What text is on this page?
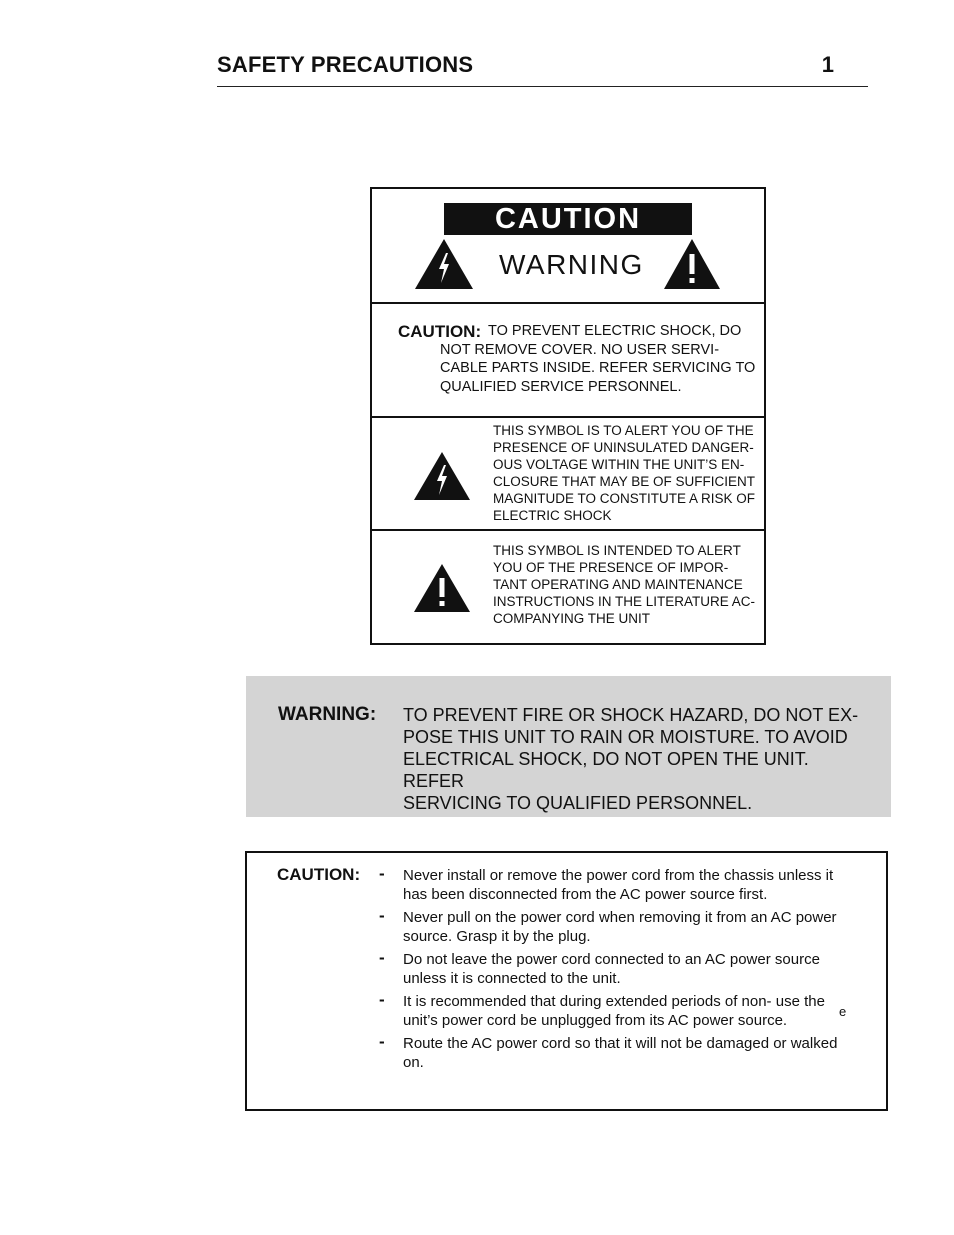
SAFETY PRECAUTIONS	1
CAUTION
WARNING
CAUTION: TO PREVENT ELECTRIC SHOCK, DO NOT REMOVE COVER. NO USER SERVI- CABLE PARTS INSIDE. REFER SERVICING TO QUALIFIED SERVICE PERSONNEL.
THIS SYMBOL IS TO ALERT YOU OF THE
PRESENCE OF UNINSULATED DANGER-
OUS VOLTAGE WITHIN THE UNIT’S EN-
CLOSURE THAT MAY BE OF SUFFICIENT
MAGNITUDE TO CONSTITUTE A RISK OF
ELECTRIC SHOCK
THIS SYMBOL IS INTENDED TO ALERT
YOU OF THE PRESENCE OF IMPOR-
TANT OPERATING AND MAINTENANCE
INSTRUCTIONS IN THE LITERATURE AC-
COMPANYING THE UNIT
WARNING: TO PREVENT FIRE OR SHOCK HAZARD, DO NOT EX-
POSE THIS UNIT TO RAIN OR MOISTURE. TO AVOID
ELECTRICAL SHOCK, DO NOT OPEN THE UNIT. REFER
SERVICING TO QUALIFIED PERSONNEL.
CAUTION: - Never install or remove the power cord from the chassis unless it has been disconnected from the AC power source first.
- Never pull on the power cord when removing it from an AC power source. Grasp it by the plug.
- Do not leave the power cord connected to an AC power source unless it is connected to the unit.
- It is recommended that during extended periods of non- use the unit’s power cord be unplugged from its AC power source.
- Route the AC power cord so that it will not be damaged or walked on.
e
